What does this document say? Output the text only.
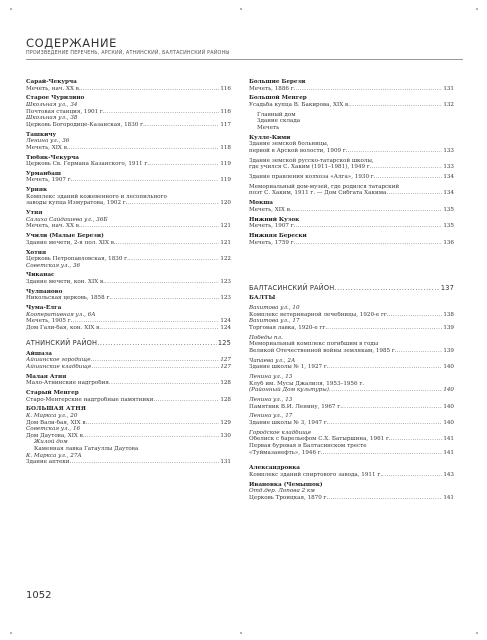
СОДЕРЖАНИЕ
ПРОИЗВЕДЕНИЕ ПЕРЕЧЕНЬ, АРСКИЙ, АТНИНСКИЙ, БАЛТАСИНСКИЙ РАЙОНЫ
Сарай-Чекурча
Мечеть, нач. ХХ в. .....	116
Старое Чурилино
Школьная ул., 34
Почтовая станция, 1901 г. .....	116
Школьная ул., 38
Церковь Богородице-Казанская, 1830 г. .....	117
Ташкичу
Ленина ул., 36
Мечеть, ХIХ в. .....	118
Тюбяк-Чекурча
Церковь Св. Германа Казанского, 1911 г. .....	119
Урманбаш
Мечеть, 1907 г. .....	119
Урняк
Комплекс зданий кожевенного и лесопильного
заводы купца Измуратова, 1902 г. .....	120
Утня
Салиха Сайдашева ул., 36Б
Мечеть, нач. ХХ в. .....	121
Учили (Малые Берези)
Здание мечети, 2-я пол. ХIХ в. .....	121
Хотня
Церковь Петропавловская, 1830 г. .....	122
Советская ул., 36
Чиканас
Здание мечети, кон. ХIХ в. .....	123
Чулпаново
Никольская церковь, 1858 г. .....	123
Чума-Елга
Кооперативная ул., 6А
Мечеть, 1905 г. .....	124
Дом Гали-бая, кон. ХIХ в. .....	124
АТНИНСКИЙ РАЙОН .....	125
Айшаза
Айшинское городище .....	127
Айшинские кладбище .....	127
Малая Атня
Мало-Атнинские надгробия .....	128
Старый Менгер
Старо-Менгерские надгробные памятники .....	128
БОЛЬШАЯ АТНЯ
К. Маркса ул., 20
Дом Вали-бая, ХIХ в. .....	129
Советская ул., 16
Дом Даутова, ХIХ в. .....	130
Жилой дом
Каменная лавка Гатауллы Даутова
К. Маркса ул., 27А
Здание аптеки .....	131
Большие Берези
Мечеть, 1886 г. .....	131
Большой Менгер
Усадьба купца В. Бакирова, ХIХ в. .....	132
Главный дом
Здание склада
Мечеть
Кулле-Кими
Здание земской больницы,
первой в Арской волости, 1909 г. .....	133
Здание земской русско-татарской школы,
где учился С. Хаким (1911–1981), 1949 г. .....	133
Здание правления колхоза «Алга», 1930 г. .....	134
Мемориальный дом-музей, где родился татарский
поэт С. Хаким, 1911 г. — Дом Сибгата Хакима .....	134
Мокша
Мечеть, ХIХ в. .....	135
Нижний Кузок
Мечеть, 1907 г. .....	135
Нижняя Берески
Мечеть, 1759 г. .....	136
БАЛТАСИНСКИЙ РАЙОН .....	137
БАЛТЫ
Вахитова ул., 10
Комплекс ветеринарной лечебницы, 1920-е гг. .....	138
Вахитова ул., 17
Торговая лавка, 1920-е гг. .....	139
Победы пл.
Мемориальный комплекс погибшим в годы
Великой Отечественной войны землякам, 1985 г. .....	139
Чапаева ул., 2А
Здание школы № 1, 1927 г. .....	140
Ленина ул., 13
Клуб им. Мусы Джалиля, 1953–1956 г.
(Районный Дом культуры) .....	140
Ленина ул., 13
Памятник В.И. Ленину, 1967 г. .....	140
Ленина ул., 17
Здание школы № 3, 1947 г. .....	140
Городское кладбище
Обелиск с барельефом С.Х. Батыршина, 1961 г. .....	141
Первая буровая в Балтасинском тресте
«Туймазанефть», 1946 г. .....	141
Александровка
Комплекс зданий спиртового завода, 1911 г. .....	143
Ивановка (Чемышок)
Отд.дер. Лопова 2 км
Церковь Троицкая, 1870 г. .....	141
1052
